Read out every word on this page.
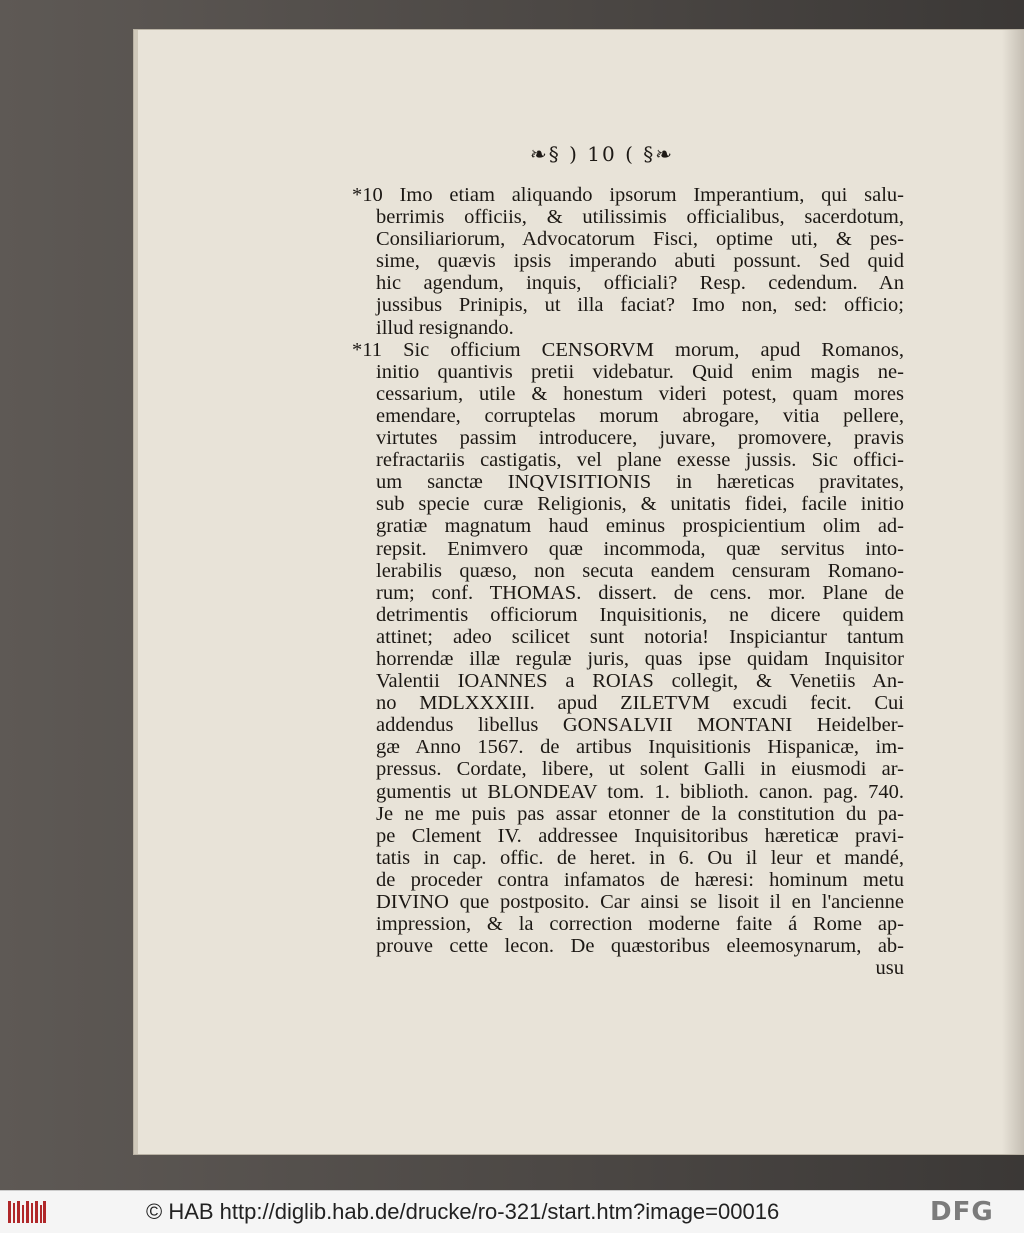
❧§ ) 10 ( §❧
*10 Imo etiam aliquando ipsorum Imperantium, qui salu-
berrimis officiis, & utilissimis officialibus, sacerdotum,
Consiliariorum, Advocatorum Fisci, optime uti, & pes-
sime, quævis ipsis imperando abuti possunt. Sed quid
hic agendum, inquis, officiali? Resp. cedendum. An
jussibus Prinipis, ut illa faciat? Imo non, sed: officio;
illud resignando.
*11 Sic officium CENSORVM morum, apud Romanos,
initio quantivis pretii videbatur. Quid enim magis ne-
cessarium, utile & honestum videri potest, quam mores
emendare, corruptelas morum abrogare, vitia pellere,
virtutes passim introducere, juvare, promovere, pravis
refractariis castigatis, vel plane exesse jussis. Sic offici-
um sanctæ INQVISITIONIS in hæreticas pravitates,
sub specie curæ Religionis, & unitatis fidei, facile initio
gratiæ magnatum haud eminus prospicientium olim ad-
repsit. Enimvero quæ incommoda, quæ servitus into-
lerabilis quæso, non secuta eandem censuram Romano-
rum; conf. THOMAS. dissert. de cens. mor. Plane de
detrimentis officiorum Inquisitionis, ne dicere quidem
attinet; adeo scilicet sunt notoria! Inspiciantur tantum
horrendæ illæ regulæ juris, quas ipse quidam Inquisitor
Valentii IOANNES a ROIAS collegit, & Venetiis An-
no MDLXXXIII. apud ZILETVM excudi fecit. Cui
addendus libellus GONSALVII MONTANI Heidelber-
gæ Anno 1567. de artibus Inquisitionis Hispanicæ, im-
pressus. Cordate, libere, ut solent Galli in eiusmodi ar-
gumentis ut BLONDEAV tom. 1. biblioth. canon. pag. 740.
Je ne me puis pas assar etonner de la constitution du pa-
pe Clement IV. addressee Inquisitoribus hæreticæ pravi-
tatis in cap. offic. de heret. in 6. Ou il leur et mandé,
de proceder contra infamatos de hæresi: hominum metu
DIVINO que postposito. Car ainsi se lisoit il en l'ancienne
impression, & la correction moderne faite á Rome ap-
prouve cette lecon. De quæstoribus eleemosynarum, ab-
usu
© HAB http://diglib.hab.de/drucke/ro-321/start.htm?image=00016	DFG
